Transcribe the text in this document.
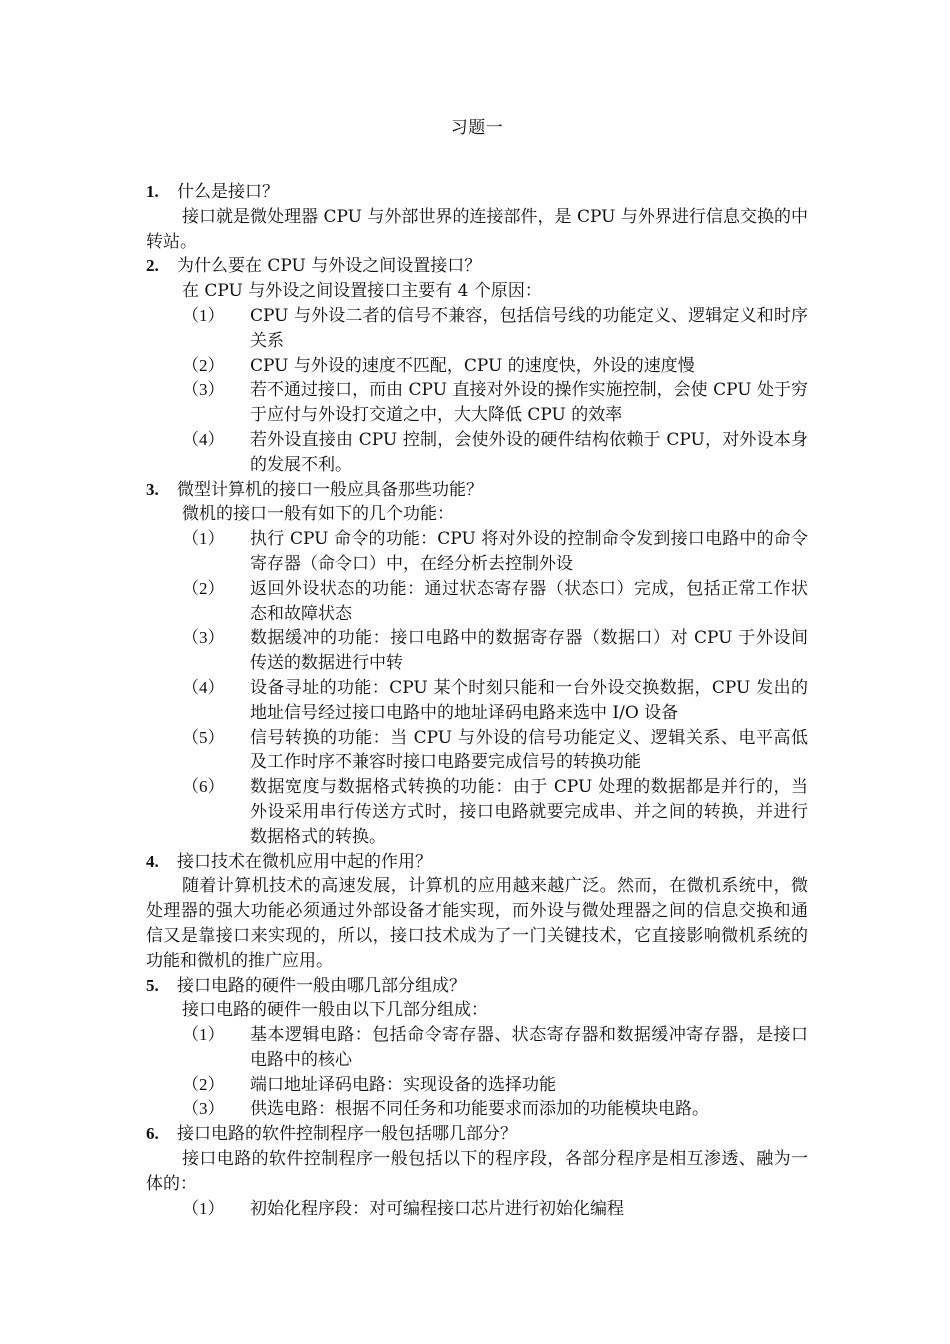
习题一
1.	什么是接口？

接口就是微处理器 CPU 与外部世界的连接部件，是 CPU 与外界进行信息交换的中转站。

2.	为什么要在 CPU 与外设之间设置接口？

在 CPU 与外设之间设置接口主要有 4 个原因：

（1）	CPU 与外设二者的信号不兼容，包括信号线的功能定义、逻辑定义和时序关系
（2）	CPU 与外设的速度不匹配，CPU 的速度快，外设的速度慢
（3）	若不通过接口，而由 CPU 直接对外设的操作实施控制，会使 CPU 处于穷于应付与外设打交道之中，大大降低 CPU 的效率
（4）	若外设直接由 CPU 控制，会使外设的硬件结构依赖于 CPU，对外设本身的发展不利。
3.	微型计算机的接口一般应具备那些功能？

微机的接口一般有如下的几个功能：

（1）	执行 CPU 命令的功能：CPU 将对外设的控制命令发到接口电路中的命令寄存器（命令口）中，在经分析去控制外设
（2）	返回外设状态的功能：通过状态寄存器（状态口）完成，包括正常工作状态和故障状态
（3）	数据缓冲的功能：接口电路中的数据寄存器（数据口）对 CPU 于外设间传送的数据进行中转
（4）	设备寻址的功能：CPU 某个时刻只能和一台外设交换数据，CPU 发出的地址信号经过接口电路中的地址译码电路来选中 I/O 设备
（5）	信号转换的功能：当 CPU 与外设的信号功能定义、逻辑关系、电平高低及工作时序不兼容时接口电路要完成信号的转换功能
（6）	数据宽度与数据格式转换的功能：由于 CPU 处理的数据都是并行的，当外设采用串行传送方式时，接口电路就要完成串、并之间的转换，并进行数据格式的转换。
4.	接口技术在微机应用中起的作用？

随着计算机技术的高速发展，计算机的应用越来越广泛。然而，在微机系统中，微处理器的强大功能必须通过外部设备才能实现，而外设与微处理器之间的信息交换和通信又是靠接口来实现的，所以，接口技术成为了一门关键技术，它直接影响微机系统的功能和微机的推广应用。

5.	接口电路的硬件一般由哪几部分组成？

接口电路的硬件一般由以下几部分组成：

（1）	基本逻辑电路：包括命令寄存器、状态寄存器和数据缓冲寄存器，是接口电路中的核心
（2）	端口地址译码电路：实现设备的选择功能
（3）	供选电路：根据不同任务和功能要求而添加的功能模块电路。
6.	接口电路的软件控制程序一般包括哪几部分？

接口电路的软件控制程序一般包括以下的程序段，各部分程序是相互渗透、融为一体的：

（1）	初始化程序段：对可编程接口芯片进行初始化编程
